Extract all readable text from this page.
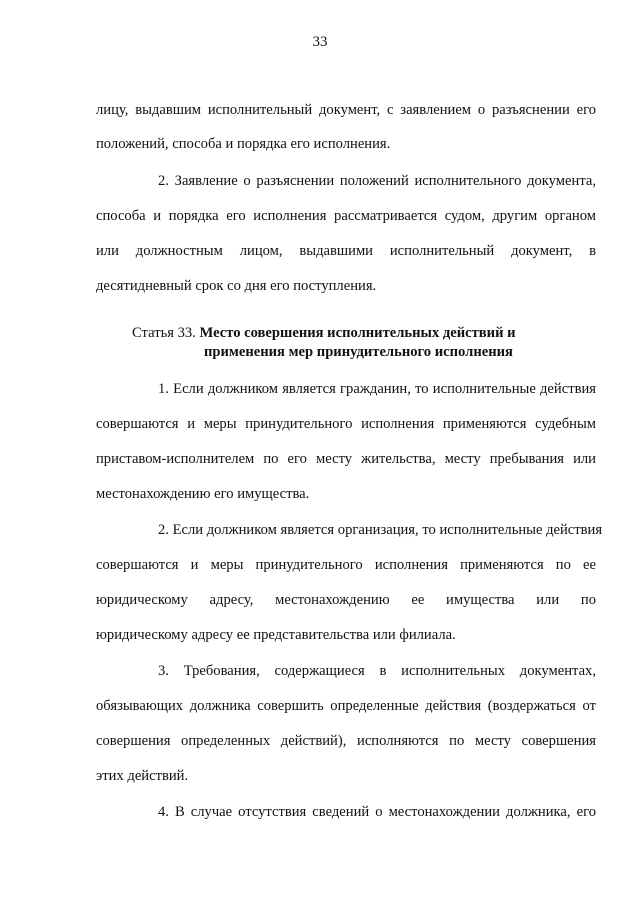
33
лицу, выдавшим исполнительный документ, с заявлением о разъяснении его
положений, способа и порядка его исполнения.
2. Заявление о разъяснении положений исполнительного документа,
способа и порядка его исполнения рассматривается судом, другим органом
или должностным лицом, выдавшими исполнительный документ, в
десятидневный срок со дня его поступления.
Статья 33. Место совершения исполнительных действий и
применения мер принудительного исполнения
1. Если должником является гражданин, то исполнительные действия
совершаются и меры принудительного исполнения применяются судебным
приставом-исполнителем по его месту жительства, месту пребывания или
местонахождению его имущества.
2. Если должником является организация, то исполнительные действия
совершаются и меры принудительного исполнения применяются по ее
юридическому адресу, местонахождению ее имущества или по
юридическому адресу ее представительства или филиала.
3. Требования, содержащиеся в исполнительных документах,
обязывающих должника совершить определенные действия (воздержаться от
совершения определенных действий), исполняются по месту совершения
этих действий.
4. В случае отсутствия сведений о местонахождении должника, его
